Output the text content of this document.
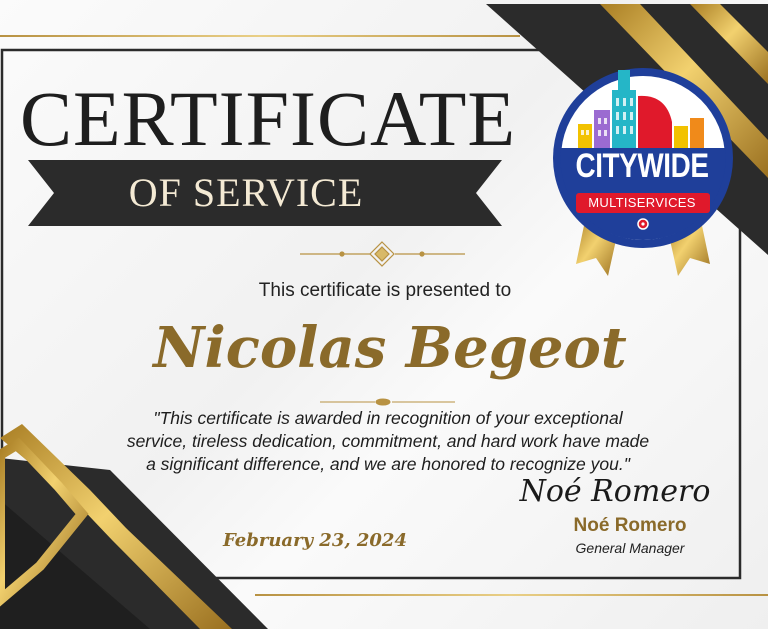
CITYWIDE
MULTISERVICES
CERTIFICATE
OF SERVICE
This certificate is presented to
Nicolas Begeot
"This certificate is awarded in recognition of your exceptional
service, tireless dedication, commitment, and hard work have made
a significant difference, and we are honored to recognize you."
Noé Romero
Noé Romero
General Manager
February 23, 2024
